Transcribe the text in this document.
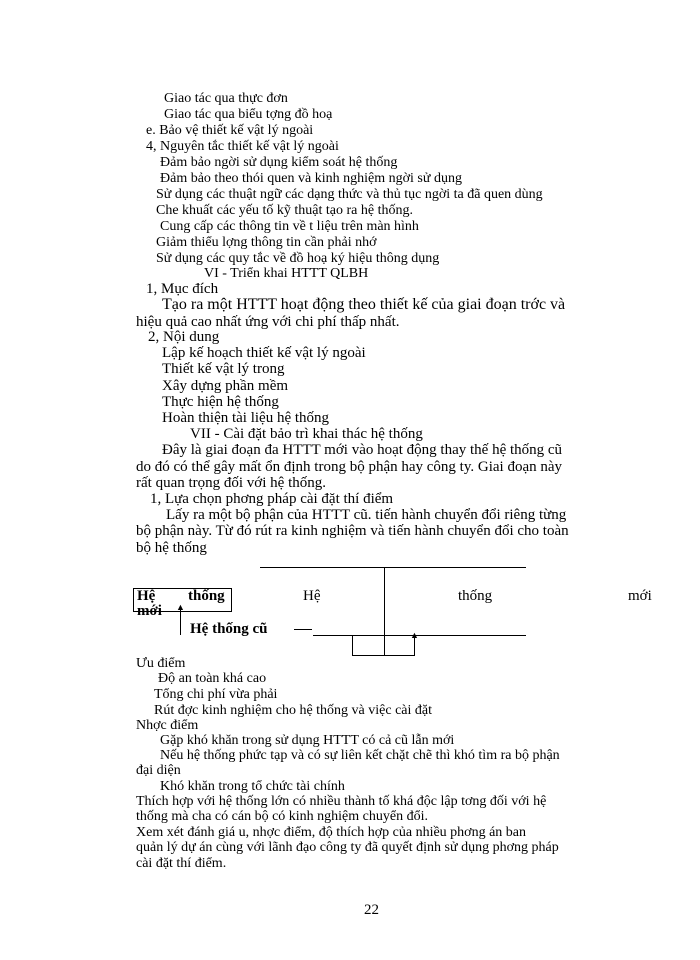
Giao tác qua thực đơn
Giao tác qua biểu tợng đồ hoạ
e. Bảo vệ thiết kế vật lý ngoài
4, Nguyên tắc thiết kế vật lý ngoài
Đảm bảo ngời sử dụng kiểm soát hệ thống
Đảm bảo theo thói quen và kinh nghiệm ngời sử dụng
Sử dụng các thuật ngữ các dạng thức và thủ tục ngời ta đã quen dùng
Che khuất các yếu tố kỹ thuật tạo ra hệ thống.
Cung cấp các thông tin về t liệu trên màn hình
Giảm thiểu lợng thông tin cần phải nhớ
Sử dụng các quy tắc về đồ hoạ ký hiệu thông dụng
VI - Triển khai HTTT QLBH
1, Mục đích
Tạo ra một HTTT hoạt động theo thiết kế của giai đoạn trớc và
hiệu quả cao nhất ứng với chi phí thấp nhất.
2, Nội dung
Lập kế hoạch thiết kế vật lý ngoài
Thiết kế vật lý trong
Xây dựng phần mềm
Thực hiện hệ thống
Hoàn thiện tài liệu hệ thống
VII - Cài đặt bảo trì khai thác hệ thống
Đây là giai đoạn đa HTTT mới vào hoạt động thay thế hệ thống cũ
do đó có thể gây mất ổn định trong bộ phận hay công ty. Giai đoạn này
rất quan trọng đối với hệ thống.
1, Lựa chọn phơng pháp cài đặt thí điểm
Lấy ra một bộ phận của HTTT cũ. tiến hành chuyển đổi riêng từng
bộ phận này. Từ đó rút ra kinh nghiệm và tiến hành chuyển đổi cho toàn
bộ hệ thống
Hệ thống
mới ▲
Hệ	thống	mới
Hệ thống cũ	▲
Ưu điểm
Độ an toàn khá cao
Tổng chi phí vừa phải
Rút đợc kinh nghiệm cho hệ thống và việc cài đặt
Nhợc điểm
Gặp khó khăn trong sử dụng HTTT có cả cũ lẫn mới
Nếu hệ thống phức tạp và có sự liên kết chặt chẽ thì khó tìm ra bộ phận
đại diện
Khó khăn trong tổ chức tài chính
Thích hợp với hệ thống lớn có nhiều thành tố khá độc lập tơng đối với hệ
thống mà cha có cán bộ có kinh nghiệm chuyển đổi.
Xem xét đánh giá u, nhợc điểm, độ thích hợp của nhiều phơng án ban
quản lý dự án cùng với lãnh đạo công ty đã quyết định sử dụng phơng pháp
cài đặt thí điểm.
22
